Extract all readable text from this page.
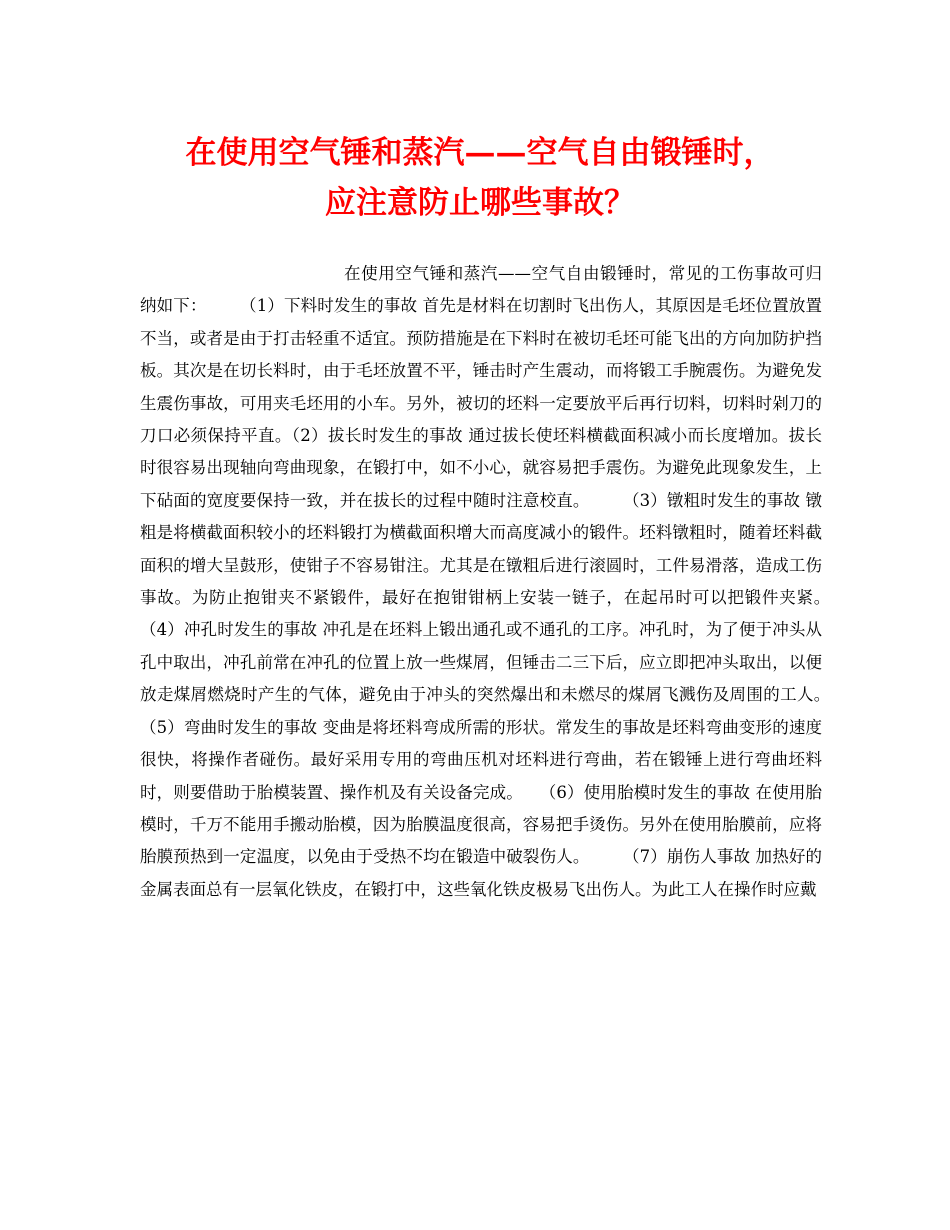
在使用空气锤和蒸汽——空气自由锻锤时，
应注意防止哪些事故？

在使用空气锤和蒸汽——空气自由锻锤时，常见的工伤事故可归纳如下：　　　（1）下料时发生的事故 首先是材料在切割时飞出伤人，其原因是毛坯位置放置不当，或者是由于打击轻重不适宜。预防措施是在下料时在被切毛坯可能飞出的方向加防护挡板。其次是在切长料时，由于毛坯放置不平，锤击时产生震动，而将锻工手腕震伤。为避免发生震伤事故，可用夹毛坯用的小车。另外，被切的坯料一定要放平后再行切料，切料时剁刀的刀口必须保持平直。（2）拔长时发生的事故 通过拔长使坯料横截面积减小而长度增加。拔长时很容易出现轴向弯曲现象，在锻打中，如不小心，就容易把手震伤。为避免此现象发生，上下砧面的宽度要保持一致，并在拔长的过程中随时注意校直。　　　（3）镦粗时发生的事故 镦粗是将横截面积较小的坯料锻打为横截面积增大而高度减小的锻件。坯料镦粗时，随着坯料截面积的增大呈鼓形，使钳子不容易钳注。尤其是在镦粗后进行滚圆时，工件易滑落，造成工伤事故。为防止抱钳夹不紧锻件，最好在抱钳钳柄上安装一链子，在起吊时可以把锻件夹紧。　　　（4）冲孔时发生的事故 冲孔是在坯料上锻出通孔或不通孔的工序。冲孔时，为了便于冲头从孔中取出，冲孔前常在冲孔的位置上放一些煤屑，但锤击二三下后，应立即把冲头取出，以便放走煤屑燃烧时产生的气体，避免由于冲头的突然爆出和未燃尽的煤屑飞溅伤及周围的工人。　　　（5）弯曲时发生的事故 变曲是将坯料弯成所需的形状。常发生的事故是坯料弯曲变形的速度很快，将操作者碰伤。最好采用专用的弯曲压机对坯料进行弯曲，若在锻锤上进行弯曲坯料时，则要借助于胎模装置、操作机及有关设备完成。　　（6）使用胎模时发生的事故 在使用胎模时，千万不能用手搬动胎模，因为胎膜温度很高，容易把手烫伤。另外在使用胎膜前，应将胎膜预热到一定温度，以免由于受热不均在锻造中破裂伤人。　　　（7）崩伤人事故 加热好的金属表面总有一层氧化铁皮，在锻打中，这些氧化铁皮极易飞出伤人。为此工人在操作时应戴
